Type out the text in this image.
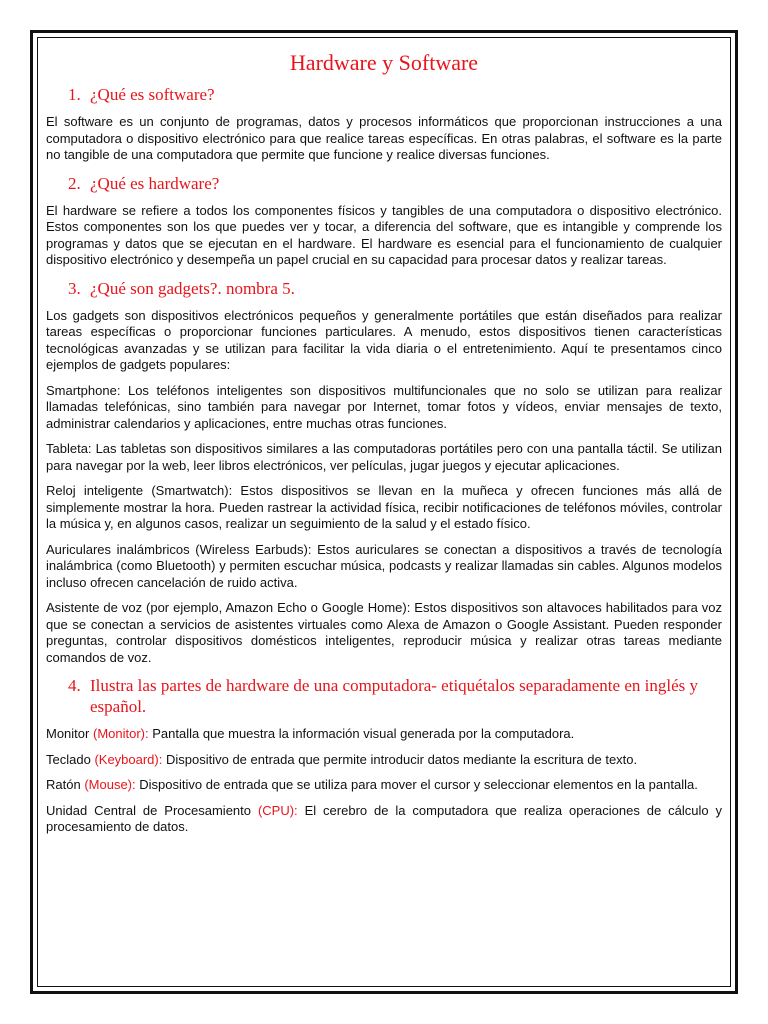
Hardware y Software
1. ¿Qué es software?

El software es un conjunto de programas, datos y procesos informáticos que proporcionan instrucciones a una computadora o dispositivo electrónico para que realice tareas específicas. En otras palabras, el software es la parte no tangible de una computadora que permite que funcione y realice diversas funciones.

2. ¿Qué es hardware?

El hardware se refiere a todos los componentes físicos y tangibles de una computadora o dispositivo electrónico. Estos componentes son los que puedes ver y tocar, a diferencia del software, que es intangible y comprende los programas y datos que se ejecutan en el hardware. El hardware es esencial para el funcionamiento de cualquier dispositivo electrónico y desempeña un papel crucial en su capacidad para procesar datos y realizar tareas.

3. ¿Qué son gadgets?. nombra 5.

Los gadgets son dispositivos electrónicos pequeños y generalmente portátiles que están diseñados para realizar tareas específicas o proporcionar funciones particulares. A menudo, estos dispositivos tienen características tecnológicas avanzadas y se utilizan para facilitar la vida diaria o el entretenimiento. Aquí te presentamos cinco ejemplos de gadgets populares:

Smartphone: Los teléfonos inteligentes son dispositivos multifuncionales que no solo se utilizan para realizar llamadas telefónicas, sino también para navegar por Internet, tomar fotos y vídeos, enviar mensajes de texto, administrar calendarios y aplicaciones, entre muchas otras funciones.

Tableta: Las tabletas son dispositivos similares a las computadoras portátiles pero con una pantalla táctil. Se utilizan para navegar por la web, leer libros electrónicos, ver películas, jugar juegos y ejecutar aplicaciones.

Reloj inteligente (Smartwatch): Estos dispositivos se llevan en la muñeca y ofrecen funciones más allá de simplemente mostrar la hora. Pueden rastrear la actividad física, recibir notificaciones de teléfonos móviles, controlar la música y, en algunos casos, realizar un seguimiento de la salud y el estado físico.

Auriculares inalámbricos (Wireless Earbuds): Estos auriculares se conectan a dispositivos a través de tecnología inalámbrica (como Bluetooth) y permiten escuchar música, podcasts y realizar llamadas sin cables. Algunos modelos incluso ofrecen cancelación de ruido activa.

Asistente de voz (por ejemplo, Amazon Echo o Google Home): Estos dispositivos son altavoces habilitados para voz que se conectan a servicios de asistentes virtuales como Alexa de Amazon o Google Assistant. Pueden responder preguntas, controlar dispositivos domésticos inteligentes, reproducir música y realizar otras tareas mediante comandos de voz.

4. Ilustra las partes de hardware de una computadora- etiquétalos separadamente en inglés y español.

Monitor (Monitor): Pantalla que muestra la información visual generada por la computadora.

Teclado (Keyboard): Dispositivo de entrada que permite introducir datos mediante la escritura de texto.

Ratón (Mouse): Dispositivo de entrada que se utiliza para mover el cursor y seleccionar elementos en la pantalla.

Unidad Central de Procesamiento (CPU): El cerebro de la computadora que realiza operaciones de cálculo y procesamiento de datos.
